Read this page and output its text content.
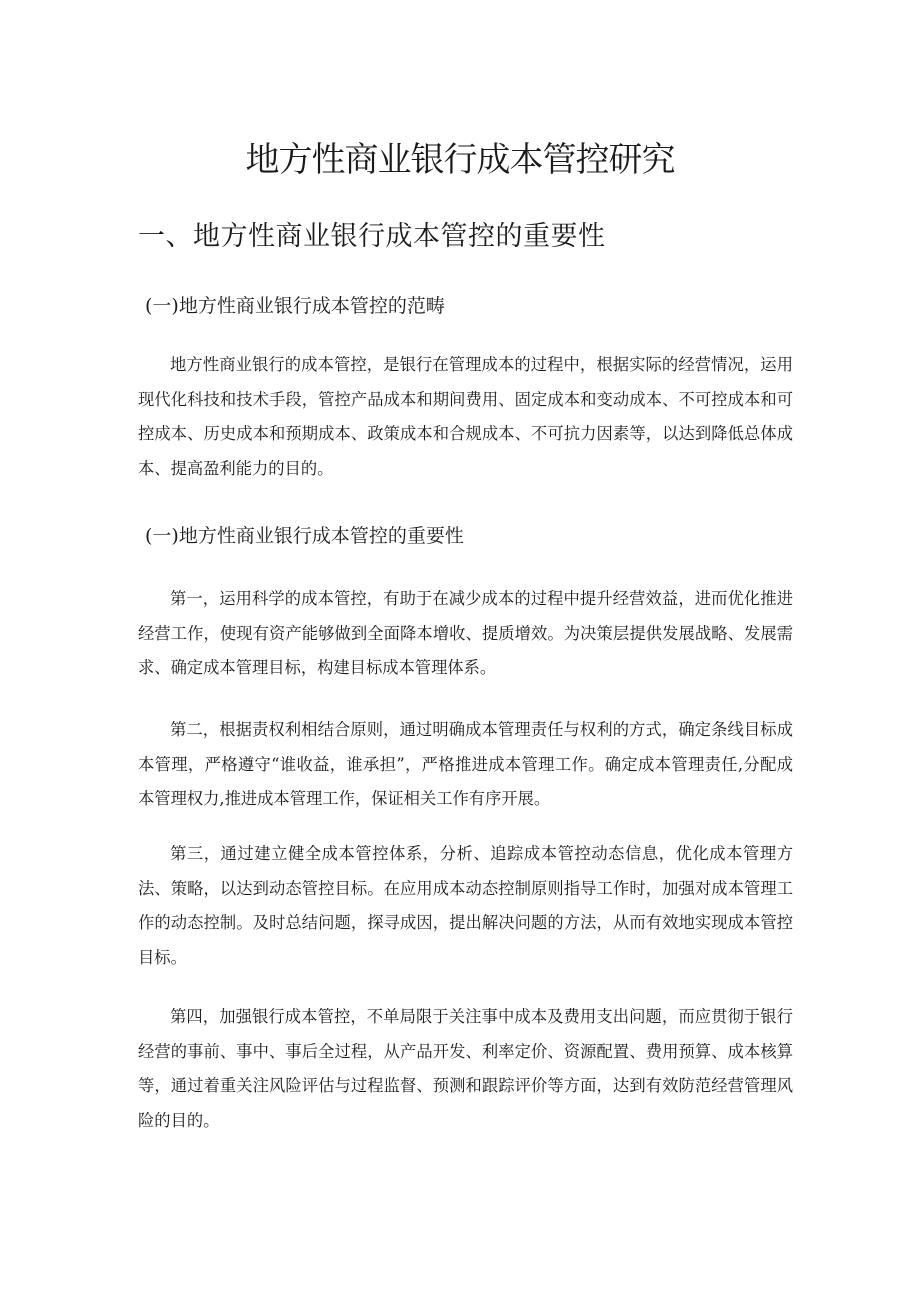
地方性商业银行成本管控研究
一、地方性商业银行成本管控的重要性
(一)地方性商业银行成本管控的范畴

地方性商业银行的成本管控，是银行在管理成本的过程中，根据实际的经营情况，运用现代化科技和技术手段，管控产品成本和期间费用、固定成本和变动成本、不可控成本和可控成本、历史成本和预期成本、政策成本和合规成本、不可抗力因素等，以达到降低总体成本、提高盈利能力的目的。

(一)地方性商业银行成本管控的重要性

第一，运用科学的成本管控，有助于在减少成本的过程中提升经营效益，进而优化推进经营工作，使现有资产能够做到全面降本增收、提质增效。为决策层提供发展战略、发展需求、确定成本管理目标，构建目标成本管理体系。

第二，根据责权利相结合原则，通过明确成本管理责任与权利的方式，确定条线目标成本管理，严格遵守“谁收益，谁承担”，严格推进成本管理工作。确定成本管理责任,分配成本管理权力,推进成本管理工作，保证相关工作有序开展。

第三，通过建立健全成本管控体系，分析、追踪成本管控动态信息，优化成本管理方法、策略，以达到动态管控目标。在应用成本动态控制原则指导工作时，加强对成本管理工作的动态控制。及时总结问题，探寻成因，提出解决问题的方法，从而有效地实现成本管控目标。

第四，加强银行成本管控，不单局限于关注事中成本及费用支出问题，而应贯彻于银行经营的事前、事中、事后全过程，从产品开发、利率定价、资源配置、费用预算、成本核算等，通过着重关注风险评估与过程监督、预测和跟踪评价等方面，达到有效防范经营管理风险的目的。
